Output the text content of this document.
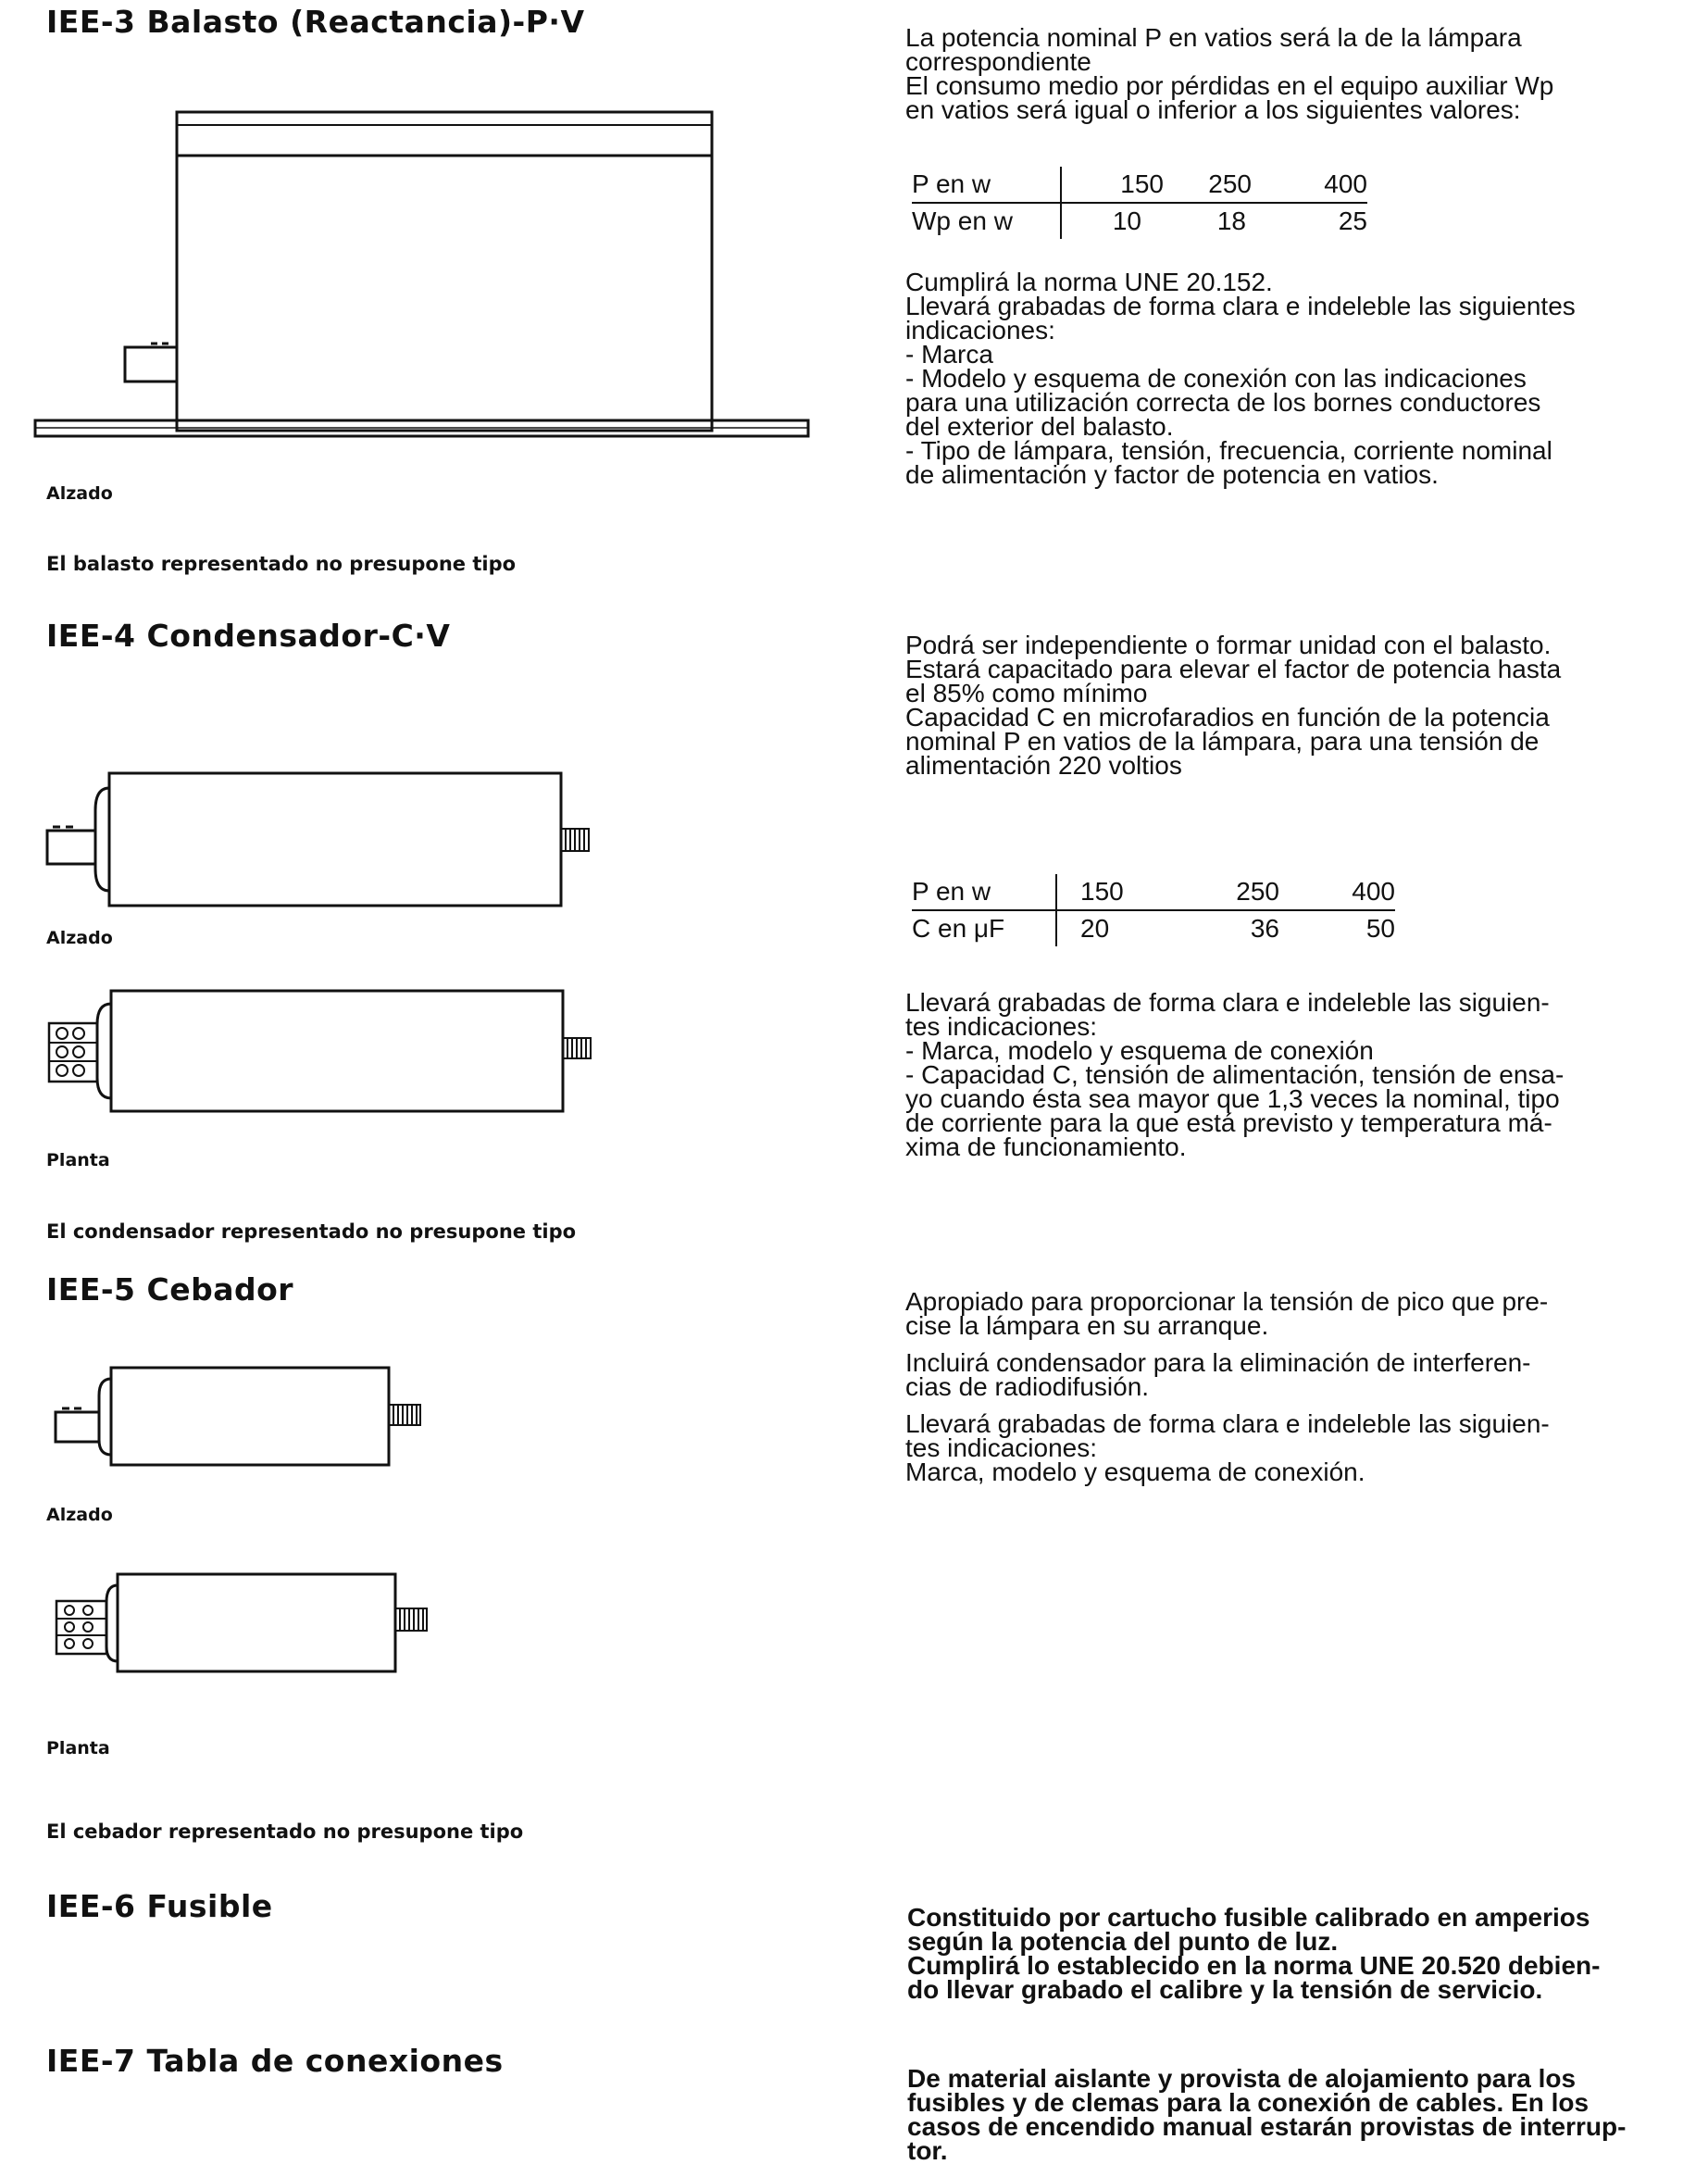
IEE-3 Balasto (Reactancia)-P·V
Alzado
El balasto representado no presupone tipo
La potencia nominal P en vatios será la de la lámpara
correspondiente
El consumo medio por pérdidas en el equipo auxiliar Wp
en vatios será igual o inferior a los siguientes valores:
P en w	150	250	400
Wp en w	10	18	25
Cumplirá la norma UNE 20.152.
Llevará grabadas de forma clara e indeleble las siguientes
indicaciones:
- Marca
- Modelo y esquema de conexión con las indicaciones
para una utilización correcta de los bornes conductores
del exterior del balasto.
- Tipo de lámpara, tensión, frecuencia, corriente nominal
de alimentación y factor de potencia en vatios.
IEE-4 Condensador-C·V
Alzado
Planta
El condensador representado no presupone tipo
Podrá ser independiente o formar unidad con el balasto.
Estará capacitado para elevar el factor de potencia hasta
el 85% como mínimo
Capacidad C en microfaradios en función de la potencia
nominal P en vatios de la lámpara, para una tensión de
alimentación 220 voltios
P en w	150	250	400
C en μF	20	36	50
Llevará grabadas de forma clara e indeleble las siguien-
tes indicaciones:
- Marca, modelo y esquema de conexión
- Capacidad C, tensión de alimentación, tensión de ensa-
yo cuando ésta sea mayor que 1,3 veces la nominal, tipo
de corriente para la que está previsto y temperatura má-
xima de funcionamiento.
IEE-5 Cebador
Alzado
Planta
El cebador representado no presupone tipo
Apropiado para proporcionar la tensión de pico que pre-
cise la lámpara en su arranque.
Incluirá condensador para la eliminación de interferen-
cias de radiodifusión.
Llevará grabadas de forma clara e indeleble las siguien-
tes indicaciones:
Marca, modelo y esquema de conexión.
IEE-6 Fusible	Constituido por cartucho fusible calibrado en amperios
según la potencia del punto de luz.
Cumplirá lo establecido en la norma UNE 20.520 debien-
do llevar grabado el calibre y la tensión de servicio.
IEE-7 Tabla de conexiones	De material aislante y provista de alojamiento para los
fusibles y de clemas para la conexión de cables. En los
casos de encendido manual estarán provistas de interrup-
tor.
